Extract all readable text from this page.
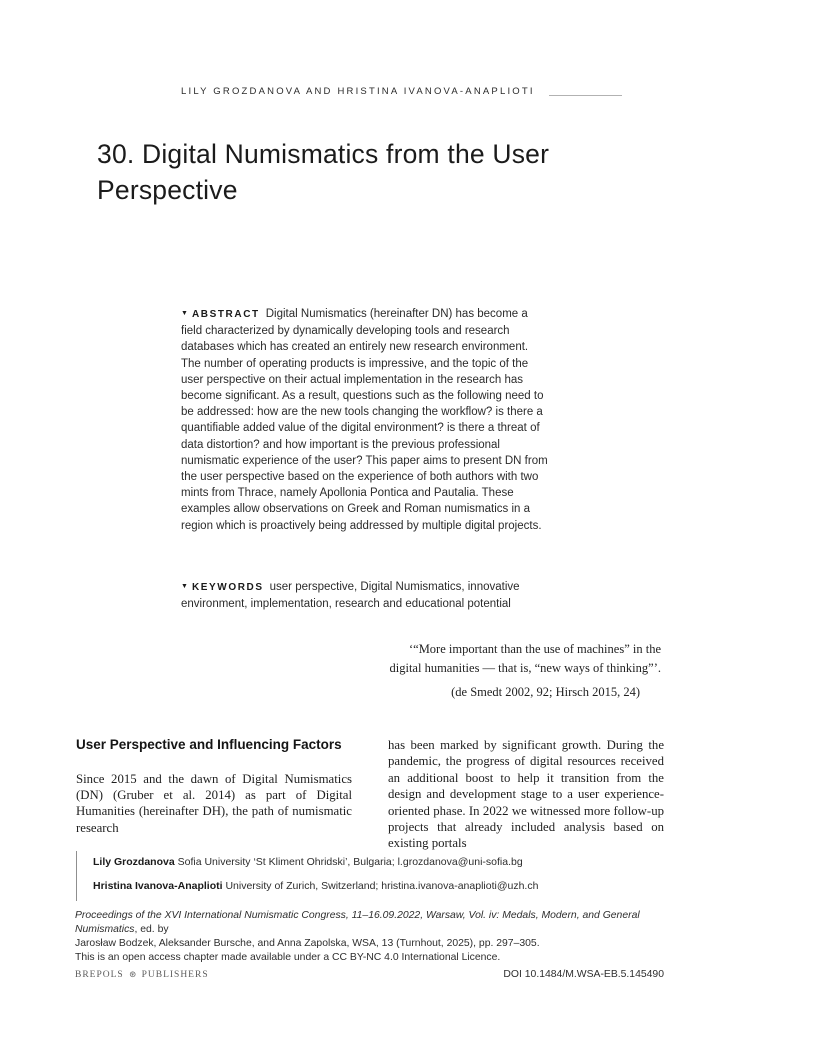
LILY GROZDANOVA AND HRISTINA IVANOVA-ANAPLIOTI
30. Digital Numismatics from the User Perspective
▼ ABSTRACT Digital Numismatics (hereinafter DN) has become a field characterized by dynamically developing tools and research databases which has created an entirely new research environment. The number of operating products is impressive, and the topic of the user perspective on their actual implementation in the research has become significant. As a result, questions such as the following need to be addressed: how are the new tools changing the workflow? is there a quantifiable added value of the digital environment? is there a threat of data distortion? and how important is the previous professional numismatic experience of the user? This paper aims to present DN from the user perspective based on the experience of both authors with two mints from Thrace, namely Apollonia Pontica and Pautalia. These examples allow observations on Greek and Roman numismatics in a region which is proactively being addressed by multiple digital projects.
▼ KEYWORDS user perspective, Digital Numismatics, innovative environment, implementation, research and educational potential
‘“More important than the use of machines” in the
digital humanities — that is, “new ways of thinking”’.
(de Smedt 2002, 92; Hirsch 2015, 24)
User Perspective and Influencing Factors

Since 2015 and the dawn of Digital Numismatics (DN) (Gruber et al. 2014) as part of Digital Humanities (hereinafter DH), the path of numismatic research

has been marked by significant growth. During the pandemic, the progress of digital resources received an additional boost to help it transition from the design and development stage to a user experience-oriented phase. In 2022 we witnessed more follow-up projects that already included analysis based on existing portals

Lily Grozdanova Sofia University ‘St Kliment Ohridski’, Bulgaria; l.grozdanova@uni-sofia.bg
Hristina Ivanova-Anaplioti University of Zurich, Switzerland; hristina.ivanova-anaplioti@uzh.ch
Proceedings of the XVI International Numismatic Congress, 11–16.09.2022, Warsaw, Vol. iv: Medals, Modern, and General Numismatics, ed. by
Jarosław Bodzek, Aleksander Bursche, and Anna Zapolska, WSA, 13 (Turnhout, 2025), pp. 297–305.
This is an open access chapter made available under a CC BY-NC 4.0 International Licence.
BREPOLS ⊛ PUBLISHERS	DOI 10.1484/M.WSA-EB.5.145490
